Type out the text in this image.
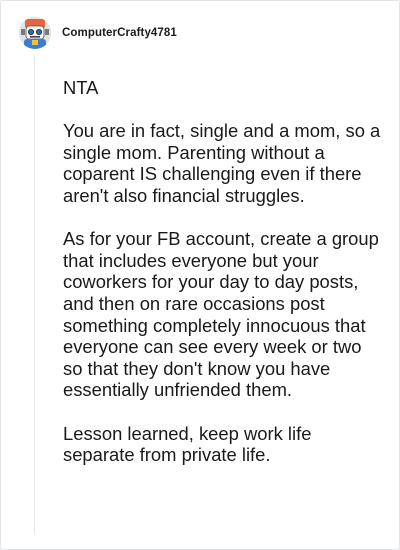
ComputerCrafty4781

NTA

You are in fact, single and a mom, so a single mom. Parenting without a coparent IS challenging even if there aren't also financial struggles.

As for your FB account, create a group that includes everyone but your coworkers for your day to day posts, and then on rare occasions post something completely innocuous that everyone can see every week or two so that they don't know you have essentially unfriended them.

Lesson learned, keep work life separate from private life.
